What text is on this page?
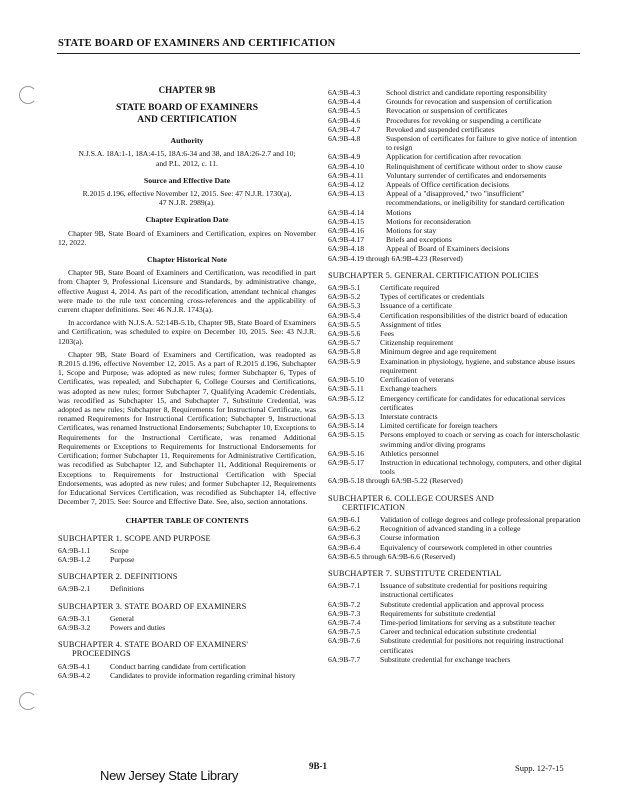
STATE BOARD OF EXAMINERS AND CERTIFICATION
CHAPTER 9B
STATE BOARD OF EXAMINERS
AND CERTIFICATION
Authority
N.J.S.A. 18A:1-1, 18A:4-15, 18A:6-34 and 38, and 18A:26-2.7 and 10; and P.L. 2012, c. 11.
Source and Effective Date
R.2015 d.196, effective November 12, 2015. See: 47 N.J.R. 1730(a), 47 N.J.R. 2989(a).
Chapter Expiration Date
Chapter 9B, State Board of Examiners and Certification, expires on November 12, 2022.
Chapter Historical Note
Chapter 9B, State Board of Examiners and Certification, was recodified in part from Chapter 9, Professional Licensure and Standards, by administrative change, effective August 4, 2014. As part of the recodification, attendant technical changes were made to the rule text concerning cross-references and the applicability of current chapter definitions. See: 46 N.J.R. 1743(a).
In accordance with N.J.S.A. 52:14B-5.1b, Chapter 9B, State Board of Examiners and Certification, was scheduled to expire on December 10, 2015. See: 43 N.J.R. 1203(a).
Chapter 9B, State Board of Examiners and Certification, was readopted as R.2015 d.196, effective November 12, 2015. As a part of R.2015 d.196, Subchapter 1, Scope and Purpose, was adopted as new rules; former Subchapter 6, Types of Certificates, was repealed, and Subchapter 6, College Courses and Certifications, was adopted as new rules; former Subchapter 7, Qualifying Academic Credentials, was recodified as Subchapter 15, and Subchapter 7, Substitute Credential, was adopted as new rules; Subchapter 8, Requirements for Instructional Certificate, was renamed Requirements for Instructional Certification; Subchapter 9, Instructional Certificates, was renamed Instructional Endorsements; Subchapter 10, Exceptions to Requirements for the Instructional Certificate, was renamed Additional Requirements or Exceptions to Requirements for Instructional Endorsements for Certification; former Subchapter 11, Requirements for Administrative Certification, was recodified as Subchapter 12, and Subchapter 11, Additional Requirements or Exceptions to Requirements for Instructional Certification with Special Endorsements, was adopted as new rules; and former Subchapter 12, Requirements for Educational Services Certification, was recodified as Subchapter 14, effective December 7, 2015. See: Source and Effective Date. See, also, section annotations.
CHAPTER TABLE OF CONTENTS
SUBCHAPTER 1. SCOPE AND PURPOSE
6A:9B-1.1	Scope
6A:9B-1.2	Purpose
SUBCHAPTER 2. DEFINITIONS
6A:9B-2.1	Definitions
SUBCHAPTER 3. STATE BOARD OF EXAMINERS
6A:9B-3.1	General
6A:9B-3.2	Powers and duties
SUBCHAPTER 4. STATE BOARD OF EXAMINERS'
PROCEEDINGS
6A:9B-4.1	Conduct barring candidate from certification
6A:9B-4.2	Candidates to provide information regarding criminal history
6A:9B-4.3	School district and candidate reporting responsibility
6A:9B-4.4	Grounds for revocation and suspension of certification
6A:9B-4.5	Revocation or suspension of certificates
6A:9B-4.6	Procedures for revoking or suspending a certificate
6A:9B-4.7	Revoked and suspended certificates
6A:9B-4.8	Suspension of certificates for failure to give notice of intention to resign
6A:9B-4.9	Application for certification after revocation
6A:9B-4.10	Relinquishment of certificate without order to show cause
6A:9B-4.11	Voluntary surrender of certificates and endorsements
6A:9B-4.12	Appeals of Office certification decisions
6A:9B-4.13	Appeal of a "disapproved," two "insufficient" recommendations, or ineligibility for standard certification
6A:9B-4.14	Motions
6A:9B-4.15	Motions for reconsideration
6A:9B-4.16	Motions for stay
6A:9B-4.17	Briefs and exceptions
6A:9B-4.18	Appeal of Board of Examiners decisions
6A:9B-4.19 through 6A:9B-4.23 (Reserved)
SUBCHAPTER 5. GENERAL CERTIFICATION POLICIES
6A:9B-5.1	Certificate required
6A:9B-5.2	Types of certificates or credentials
6A:9B-5.3	Issuance of a certificate
6A:9B-5.4	Certification responsibilities of the district board of education
6A:9B-5.5	Assignment of titles
6A:9B-5.6	Fees
6A:9B-5.7	Citizenship requirement
6A:9B-5.8	Minimum degree and age requirement
6A:9B-5.9	Examination in physiology, hygiene, and substance abuse issues requirement
6A:9B-5.10	Certification of veterans
6A:9B-5.11	Exchange teachers
6A:9B-5.12	Emergency certificate for candidates for educational services certificates
6A:9B-5.13	Interstate contracts
6A:9B-5.14	Limited certificate for foreign teachers
6A:9B-5.15	Persons employed to coach or serving as coach for interscholastic swimming and/or diving programs
6A:9B-5.16	Athletics personnel
6A:9B-5.17	Instruction in educational technology, computers, and other digital tools
6A:9B-5.18 through 6A:9B-5.22 (Reserved)
SUBCHAPTER 6. COLLEGE COURSES AND
CERTIFICATION
6A:9B-6.1	Validation of college degrees and college professional preparation
6A:9B-6.2	Recognition of advanced standing in a college
6A:9B-6.3	Course information
6A:9B-6.4	Equivalency of coursework completed in other countries
6A:9B-6.5 through 6A:9B-6.6 (Reserved)
SUBCHAPTER 7. SUBSTITUTE CREDENTIAL
6A:9B-7.1	Issuance of substitute credential for positions requiring instructional certificates
6A:9B-7.2	Substitute credential application and approval process
6A:9B-7.3	Requirements for substitute credential
6A:9B-7.4	Time-period limitations for serving as a substitute teacher
6A:9B-7.5	Career and technical education substitute credential
6A:9B-7.6	Substitute credential for positions not requiring instructional certificates
6A:9B-7.7	Substitute credential for exchange teachers
New Jersey State Library
9B-1	Supp. 12-7-15
